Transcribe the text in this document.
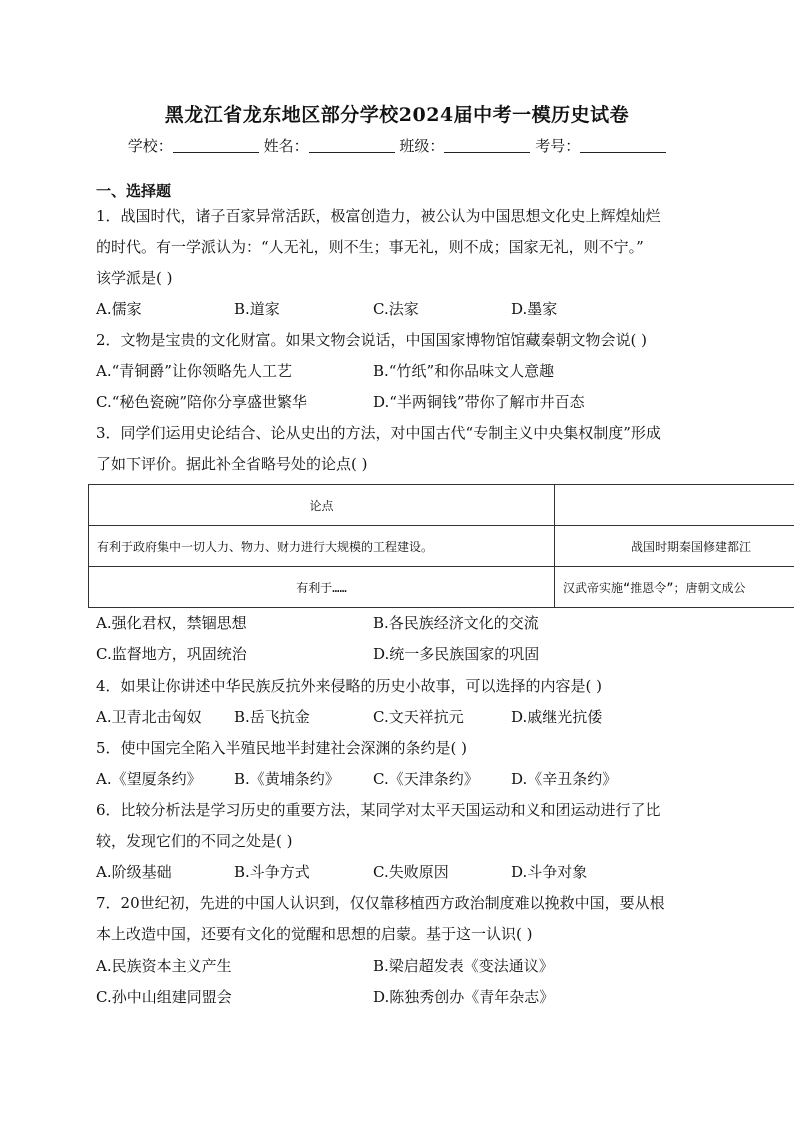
黑龙江省龙东地区部分学校2024届中考一模历史试卷
学校：	姓名：	班级：	考号：
一、选择题
1．战国时代，诸子百家异常活跃，极富创造力，被公认为中国思想文化史上辉煌灿烂
的时代。有一学派认为：“人无礼，则不生；事无礼，则不成；国家无礼，则不宁。”
该学派是( )
A.儒家	B.道家	C.法家	D.墨家
2．文物是宝贵的文化财富。如果文物会说话，中国国家博物馆馆藏秦朝文物会说( )
A.“青铜爵”让你领略先人工艺	B.“竹纸”和你品味文人意趣
C.“秘色瓷碗”陪你分享盛世繁华	D.“半两铜钱”带你了解市井百态
3．同学们运用史论结合、论从史出的方法，对中国古代“专制主义中央集权制度”形成
了如下评价。据此补全省略号处的论点( )
论点	
有利于政府集中一切人力、物力、财力进行大规模的工程建设。	战国时期秦国修建都江
有利于……	汉武帝实施“推恩令”；唐朝文成公
A.强化君权，禁锢思想	B.各民族经济文化的交流
C.监督地方，巩固统治	D.统一多民族国家的巩固
4．如果让你讲述中华民族反抗外来侵略的历史小故事，可以选择的内容是( )
A.卫青北击匈奴 B.岳飞抗金	C.文天祥抗元	D.戚继光抗倭
5．使中国完全陷入半殖民地半封建社会深渊的条约是( )
A.《望厦条约》 B.《黄埔条约》 C.《天津条约》 D.《辛丑条约》
6．比较分析法是学习历史的重要方法，某同学对太平天国运动和义和团运动进行了比
较，发现它们的不同之处是( )
A.阶级基础	B.斗争方式	C.失败原因	D.斗争对象
7．20世纪初，先进的中国人认识到，仅仅靠移植西方政治制度难以挽救中国，要从根
本上改造中国，还要有文化的觉醒和思想的启蒙。基于这一认识( )
A.民族资本主义产生	B.梁启超发表《变法通议》
C.孙中山组建同盟会	D.陈独秀创办《青年杂志》
